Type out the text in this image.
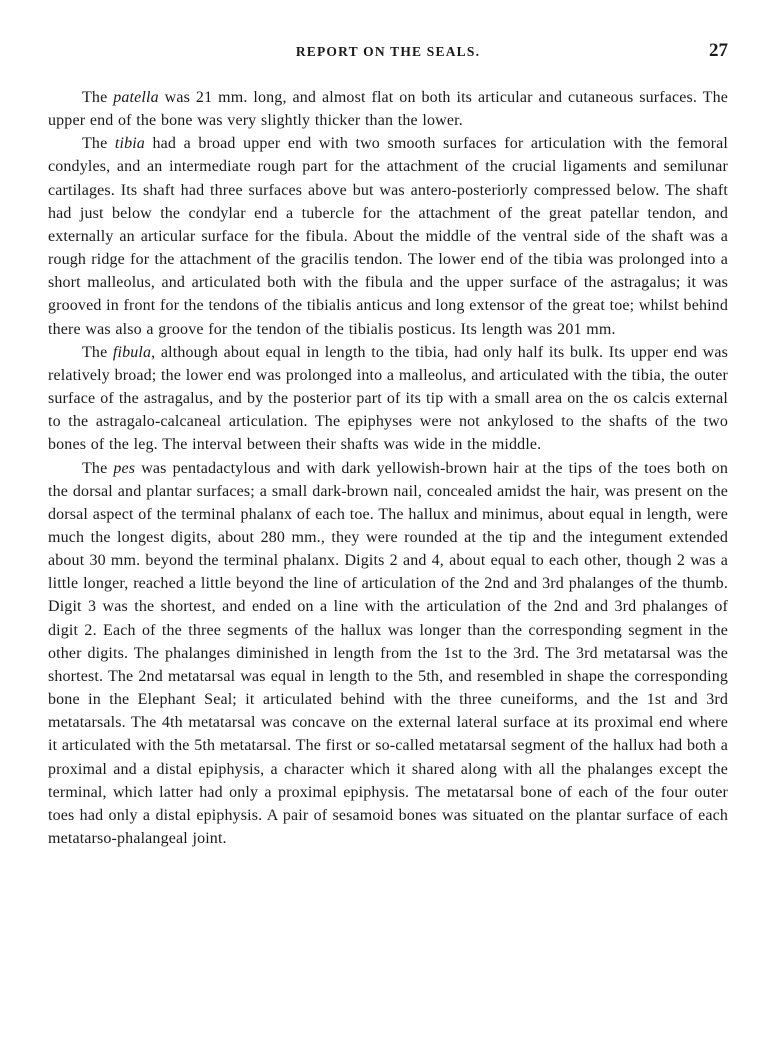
REPORT ON THE SEALS.	27

The patella was 21 mm. long, and almost flat on both its articular and cutaneous surfaces. The upper end of the bone was very slightly thicker than the lower.

The tibia had a broad upper end with two smooth surfaces for articulation with the femoral condyles, and an intermediate rough part for the attachment of the crucial ligaments and semilunar cartilages. Its shaft had three surfaces above but was antero-posteriorly compressed below. The shaft had just below the condylar end a tubercle for the attachment of the great patellar tendon, and externally an articular surface for the fibula. About the middle of the ventral side of the shaft was a rough ridge for the attachment of the gracilis tendon. The lower end of the tibia was prolonged into a short malleolus, and articulated both with the fibula and the upper surface of the astragalus; it was grooved in front for the tendons of the tibialis anticus and long extensor of the great toe; whilst behind there was also a groove for the tendon of the tibialis posticus. Its length was 201 mm.

The fibula, although about equal in length to the tibia, had only half its bulk. Its upper end was relatively broad; the lower end was prolonged into a malleolus, and articulated with the tibia, the outer surface of the astragalus, and by the posterior part of its tip with a small area on the os calcis external to the astragalo-calcaneal articulation. The epiphyses were not ankylosed to the shafts of the two bones of the leg. The interval between their shafts was wide in the middle.

The pes was pentadactylous and with dark yellowish-brown hair at the tips of the toes both on the dorsal and plantar surfaces; a small dark-brown nail, concealed amidst the hair, was present on the dorsal aspect of the terminal phalanx of each toe. The hallux and minimus, about equal in length, were much the longest digits, about 280 mm., they were rounded at the tip and the integument extended about 30 mm. beyond the terminal phalanx. Digits 2 and 4, about equal to each other, though 2 was a little longer, reached a little beyond the line of articulation of the 2nd and 3rd phalanges of the thumb. Digit 3 was the shortest, and ended on a line with the articulation of the 2nd and 3rd phalanges of digit 2. Each of the three segments of the hallux was longer than the corresponding segment in the other digits. The phalanges diminished in length from the 1st to the 3rd. The 3rd metatarsal was the shortest. The 2nd metatarsal was equal in length to the 5th, and resembled in shape the corresponding bone in the Elephant Seal; it articulated behind with the three cuneiforms, and the 1st and 3rd metatarsals. The 4th metatarsal was concave on the external lateral surface at its proximal end where it articulated with the 5th metatarsal. The first or so-called metatarsal segment of the hallux had both a proximal and a distal epiphysis, a character which it shared along with all the phalanges except the terminal, which latter had only a proximal epiphysis. The metatarsal bone of each of the four outer toes had only a distal epiphysis. A pair of sesamoid bones was situated on the plantar surface of each metatarso-phalangeal joint.
